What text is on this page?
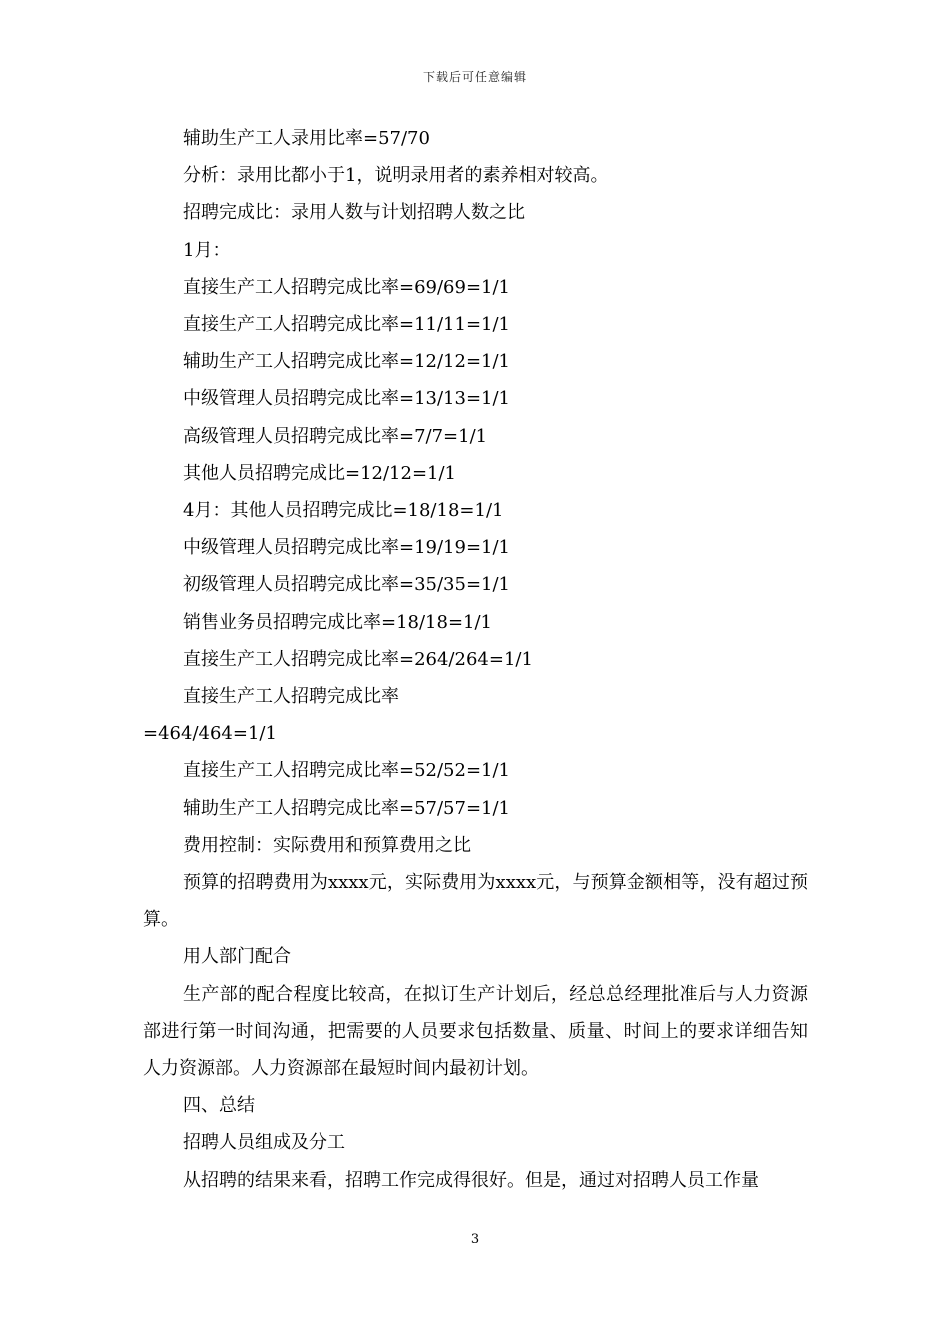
下载后可任意编辑

辅助生产工人录用比率=57/70

分析：录用比都小于1，说明录用者的素养相对较高。

招聘完成比：录用人数与计划招聘人数之比

1月：

直接生产工人招聘完成比率=69/69=1/1

直接生产工人招聘完成比率=11/11=1/1

辅助生产工人招聘完成比率=12/12=1/1

中级管理人员招聘完成比率=13/13=1/1

高级管理人员招聘完成比率=7/7=1/1

其他人员招聘完成比=12/12=1/1

4月：其他人员招聘完成比=18/18=1/1

中级管理人员招聘完成比率=19/19=1/1

初级管理人员招聘完成比率=35/35=1/1

销售业务员招聘完成比率=18/18=1/1

直接生产工人招聘完成比率=264/264=1/1

直接生产工人招聘完成比率

=464/464=1/1

直接生产工人招聘完成比率=52/52=1/1

辅助生产工人招聘完成比率=57/57=1/1

费用控制：实际费用和预算费用之比

预算的招聘费用为xxxx元，实际费用为xxxx元，与预算金额相等，没有超过预算。

用人部门配合

生产部的配合程度比较高，在拟订生产计划后，经总总经理批准后与人力资源部进行第一时间沟通，把需要的人员要求包括数量、质量、时间上的要求详细告知人力资源部。人力资源部在最短时间内最初计划。

四、总结

招聘人员组成及分工

从招聘的结果来看，招聘工作完成得很好。但是，通过对招聘人员工作量

3
